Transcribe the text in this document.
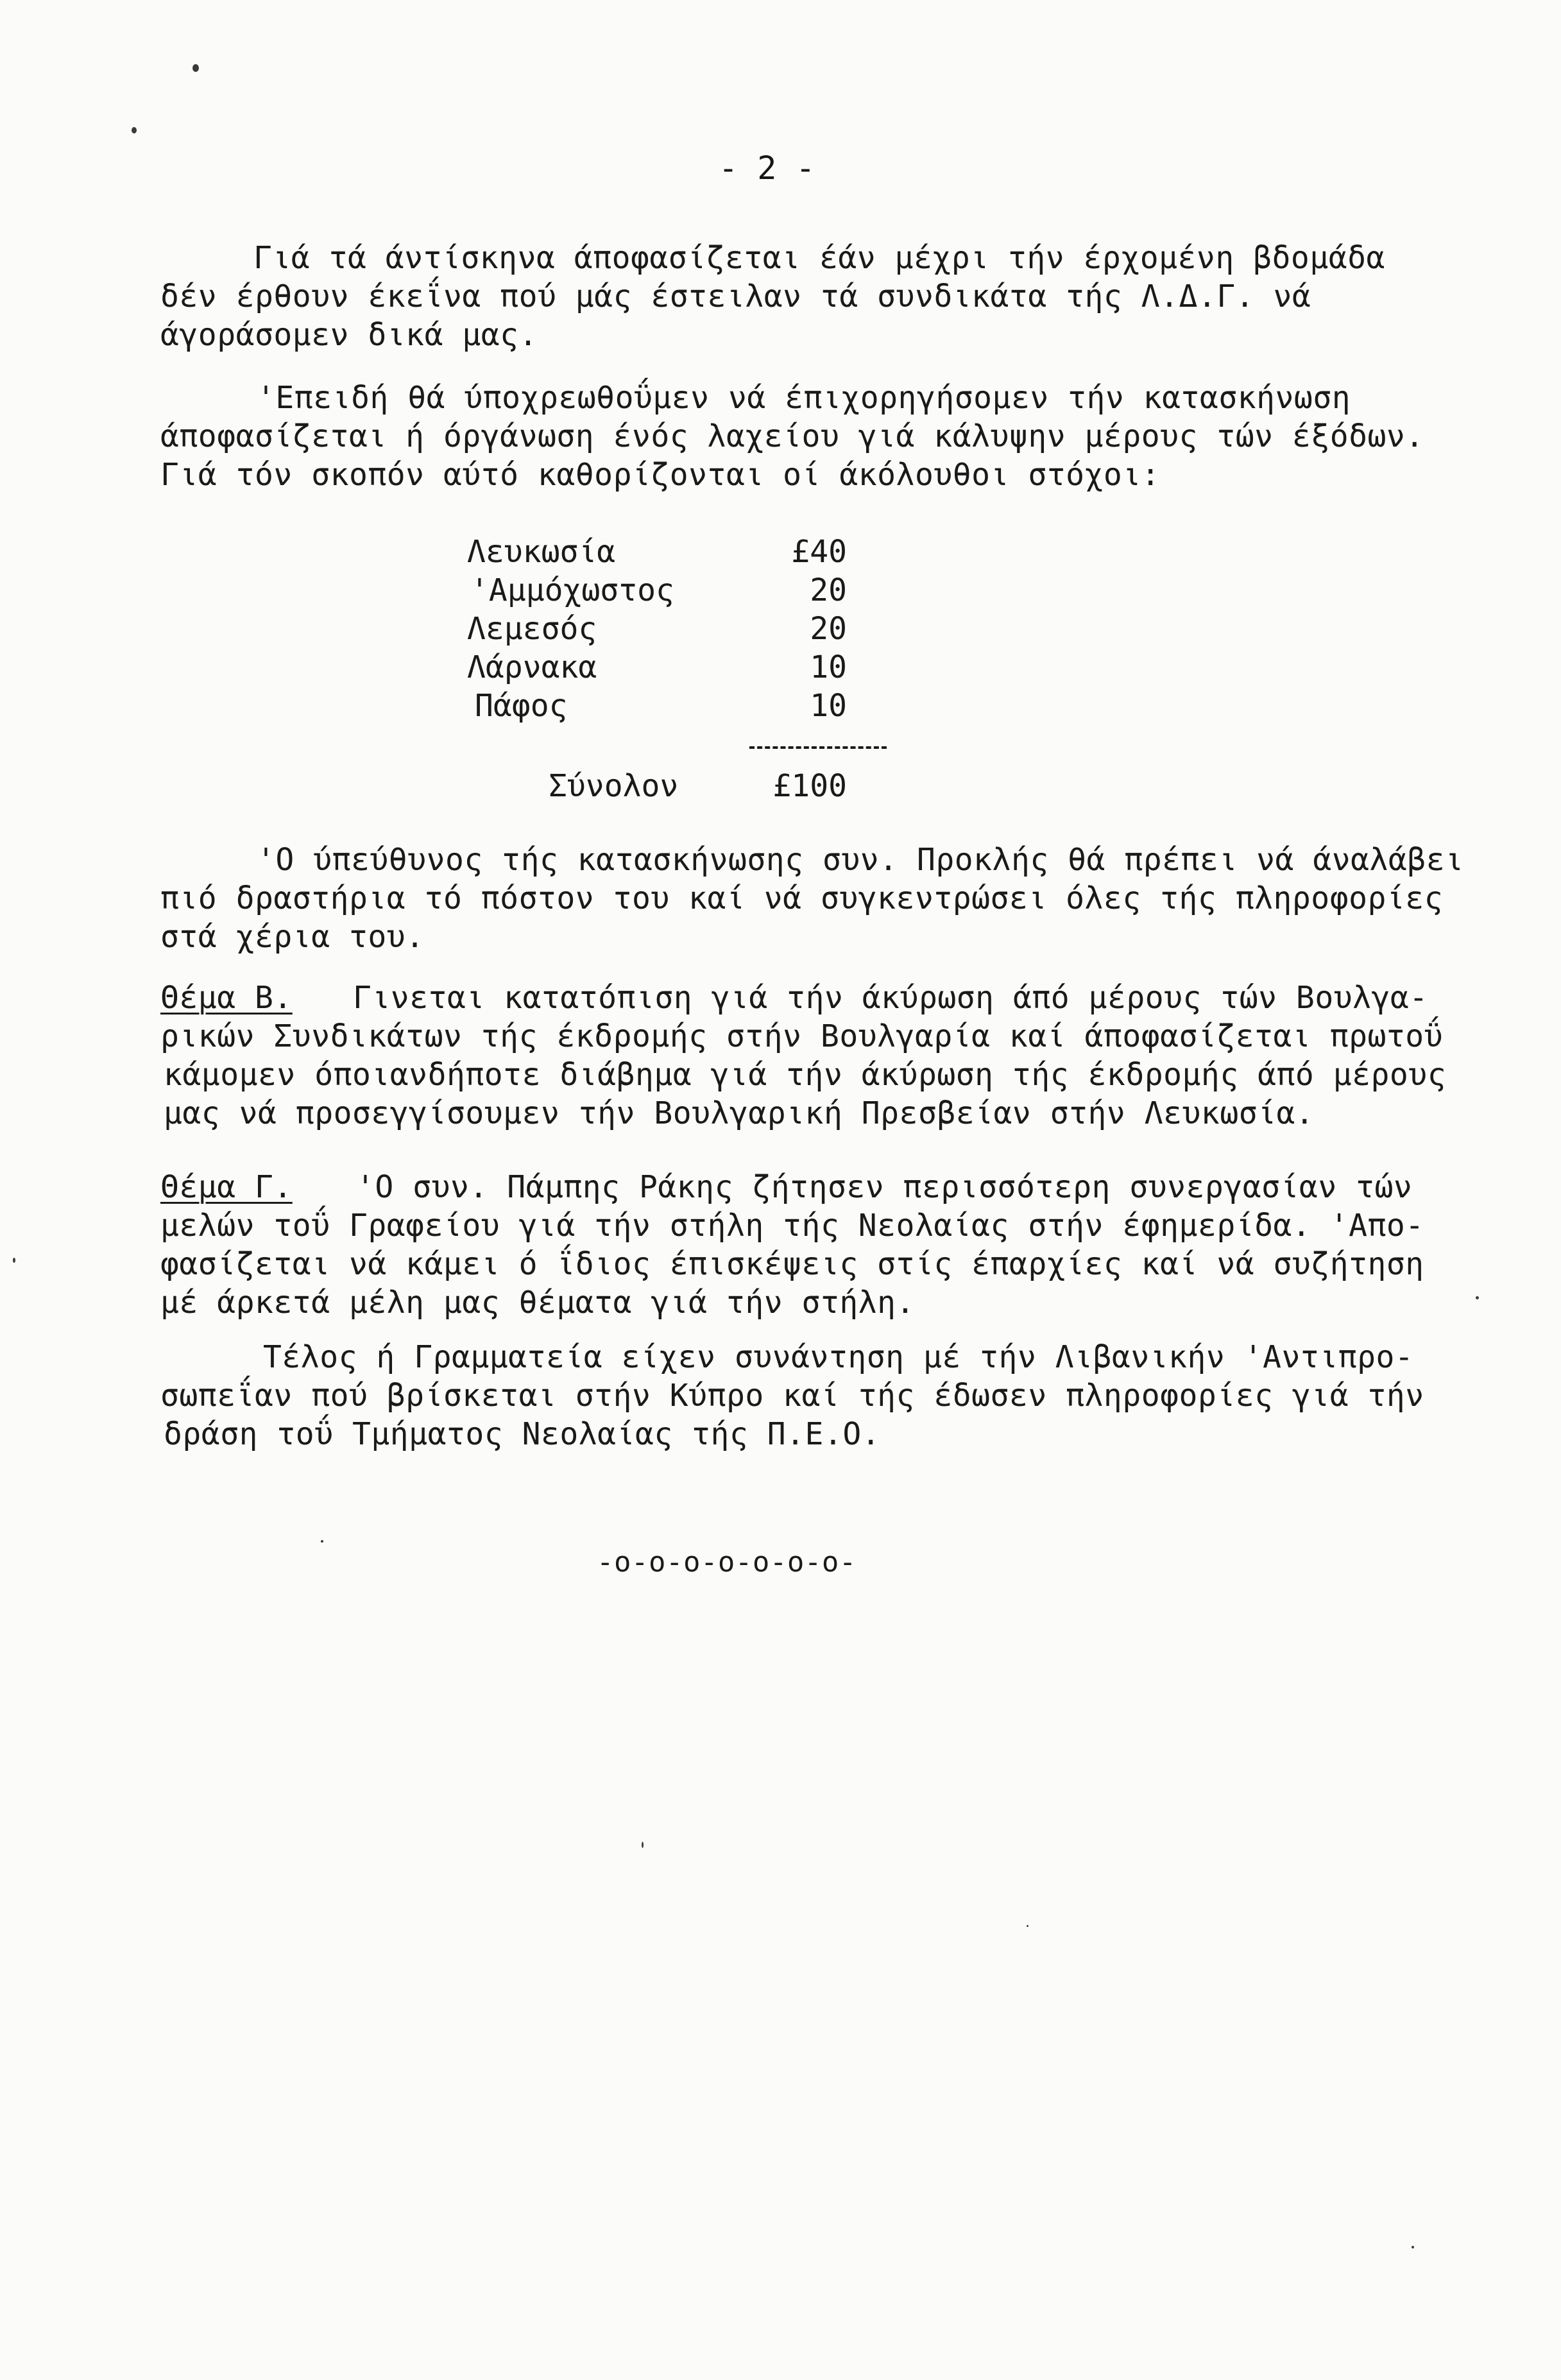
- 2 -
Γιά τά άντίσκηνα άποφασίζεται έάν μέχρι τήν έρχομένη βδομάδα
δέν έρθουν έκεΐνα πού μάς έστειλαν τά συνδικάτα τής Λ.Δ.Γ. νά
άγοράσομεν δικά μας.
'Επειδή θά ύποχρεωθοΰμεν νά έπιχορηγήσομεν τήν κατασκήνωση
άποφασίζεται ή όργάνωση ένός λαχείου γιά κάλυψην μέρους τών έξόδων.
Γιά τόν σκοπόν αύτό καθορίζονται οί άκόλουθοι στόχοι:
Λευκωσία	£40
'Αμμόχωστος	20
Λεμεσός	20
Λάρνακα	10
Πάφος	10
Σύνολον	£100
'Ο ύπεύθυνος τής κατασκήνωσης συν. Προκλής θά πρέπει νά άναλάβει
πιό δραστήρια τό πόστον του καί νά συγκεντρώσει όλες τής πληροφορίες
στά χέρια του.
Θέμα Β. Γινεται κατατόπιση γιά τήν άκύρωση άπό μέρους τών Βουλγα-
ρικών Συνδικάτων τής έκδρομής στήν Βουλγαρία καί άποφασίζεται πρωτοΰ
κάμομεν όποιανδήποτε διάβημα γιά τήν άκύρωση τής έκδρομής άπό μέρους
μας νά προσεγγίσουμεν τήν Βουλγαρική Πρεσβείαν στήν Λευκωσία.
Θέμα Γ. 'Ο συν. Πάμπης Ράκης ζήτησεν περισσότερη συνεργασίαν τών
μελών τοΰ Γραφείου γιά τήν στήλη τής Νεολαίας στήν έφημερίδα. 'Απο-
φασίζεται νά κάμει ό ΐδιος έπισκέψεις στίς έπαρχίες καί νά συζήτηση
μέ άρκετά μέλη μας θέματα γιά τήν στήλη.
Τέλος ή Γραμματεία είχεν συνάντηση μέ τήν Λιβανικήν 'Αντιπρο-
σωπεΐαν πού βρίσκεται στήν Κύπρο καί τής έδωσεν πληροφορίες γιά τήν
δράση τοΰ Τμήματος Νεολαίας τής Π.Ε.Ο.
-o-o-o-o-o-o-o-
